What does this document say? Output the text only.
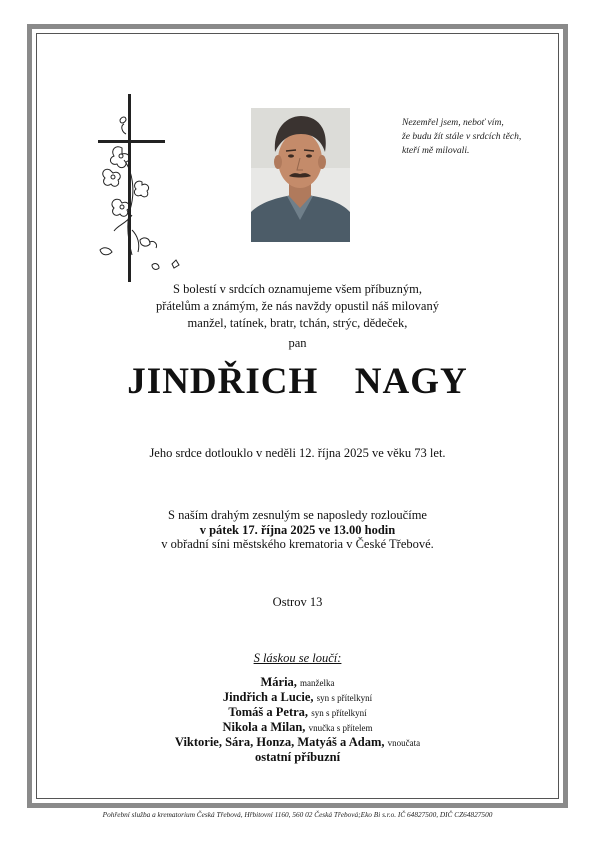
Nezemřel jsem, neboť vím,
že budu žít stále v srdcích těch,
kteří mě milovali.
S bolestí v srdcích oznamujeme všem příbuzným,
přátelům a známým, že nás navždy opustil náš milovaný
manžel, tatínek, bratr, tchán, strýc, dědeček,
pan
JINDŘICH  NAGY
Jeho srdce dotlouklo v neděli 12. října 2025 ve věku 73 let.
S naším drahým zesnulým se naposledy rozloučíme
v pátek 17. října 2025 ve 13.00 hodin
v obřadní síni městského krematoria v České Třebové.
Ostrov 13
S láskou se loučí:
Mária, manželka
Jindřich a Lucie, syn s přítelkyní
Tomáš a Petra, syn s přítelkyní
Nikola a Milan, vnučka s přítelem
Viktorie, Sára, Honza, Matyáš a Adam, vnoučata
ostatní příbuzní
Pohřební služba a krematorium Česká Třebová, Hřbitovní 1160, 560 02 Česká Třebová;Eko Bi s.r.o. IČ 64827500, DIČ CZ64827500
